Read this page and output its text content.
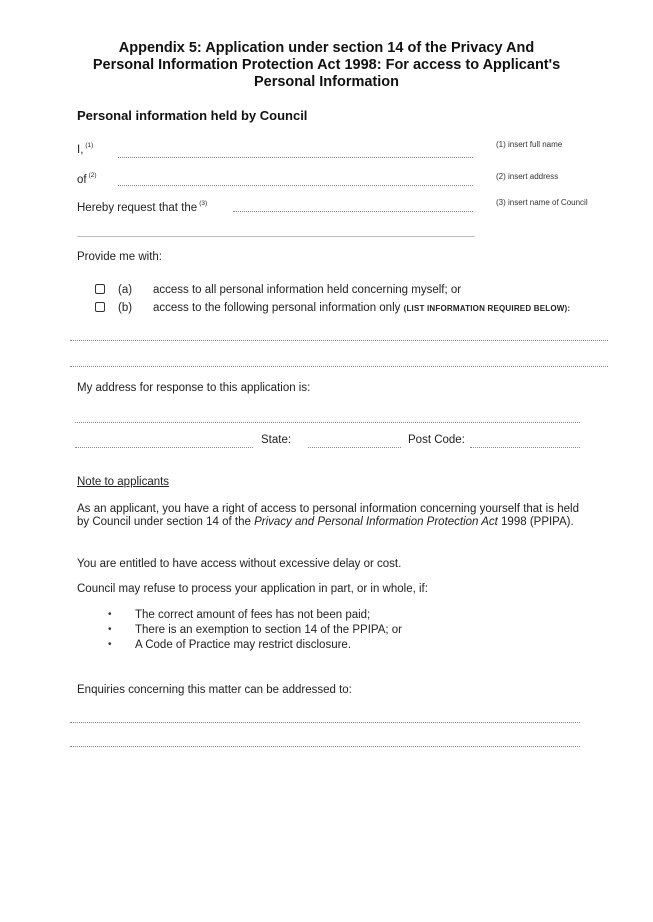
Appendix 5: Application under section 14 of the Privacy And
Personal Information Protection Act 1998: For access to Applicant's
Personal Information
Personal information held by Council
I, $^{(1)}$	(1) insert full name
of $^{(2)}$	(2) insert address
Hereby request that the $^{(3)}$	(3) insert name of Council
Provide me with:
(a) access to all personal information held concerning myself; or
(b) access to the following personal information only (LIST INFORMATION REQUIRED BELOW):
My address for response to this application is:
State:	Post Code:
Note to applicants
As an applicant, you have a right of access to personal information concerning yourself that is held by Council under section 14 of the Privacy and Personal Information Protection Act 1998 (PPIPA).
You are entitled to have access without excessive delay or cost.
Council may refuse to process your application in part, or in whole, if:
• The correct amount of fees has not been paid;
• There is an exemption to section 14 of the PPIPA; or
• A Code of Practice may restrict disclosure.
Enquiries concerning this matter can be addressed to:
